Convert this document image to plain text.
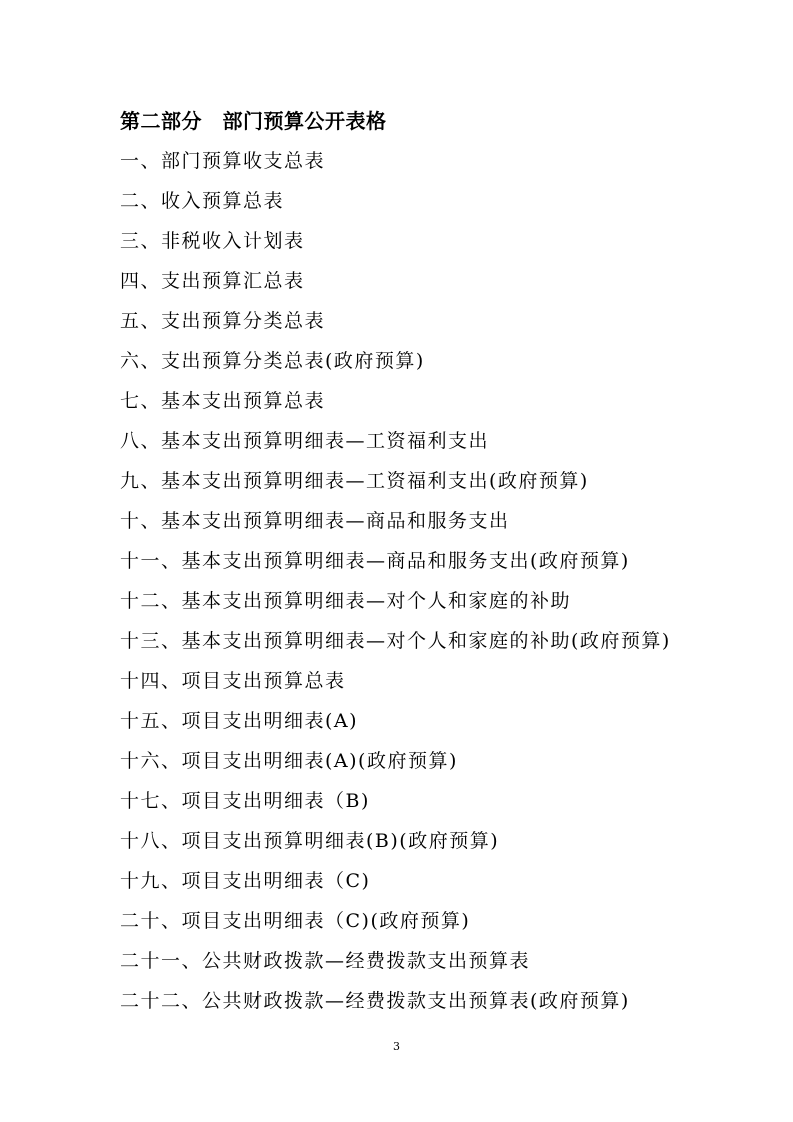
第二部分　部门预算公开表格
一、部门预算收支总表
二、收入预算总表
三、非税收入计划表
四、支出预算汇总表
五、支出预算分类总表
六、支出预算分类总表(政府预算)
七、基本支出预算总表
八、基本支出预算明细表—工资福利支出
九、基本支出预算明细表—工资福利支出(政府预算)
十、基本支出预算明细表—商品和服务支出
十一、基本支出预算明细表—商品和服务支出(政府预算)
十二、基本支出预算明细表—对个人和家庭的补助
十三、基本支出预算明细表—对个人和家庭的补助(政府预算)
十四、项目支出预算总表
十五、项目支出明细表(A)
十六、项目支出明细表(A)(政府预算)
十七、项目支出明细表（B)
十八、项目支出预算明细表(B)(政府预算)
十九、项目支出明细表（C)
二十、项目支出明细表（C)(政府预算)
二十一、公共财政拨款—经费拨款支出预算表
二十二、公共财政拨款—经费拨款支出预算表(政府预算)
3
